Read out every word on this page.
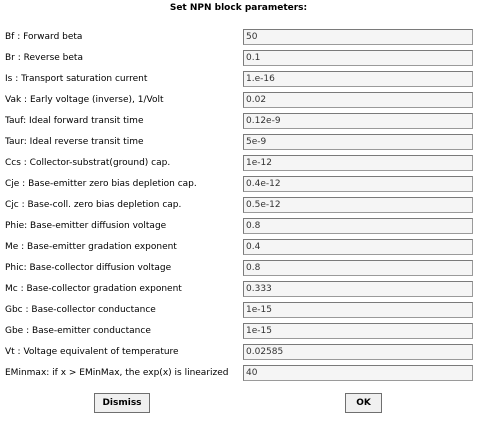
Set NPN block parameters:
Bf : Forward beta
50
Br : Reverse beta
0.1
Is : Transport saturation current
1.e-16
Vak : Early voltage (inverse), 1/Volt
0.02
Tauf: Ideal forward transit time
0.12e-9
Taur: Ideal reverse transit time
5e-9
Ccs : Collector-substrat(ground) cap.
1e-12
Cje : Base-emitter zero bias depletion cap.
0.4e-12
Cjc : Base-coll. zero bias depletion cap.
0.5e-12
Phie: Base-emitter diffusion voltage
0.8
Me : Base-emitter gradation exponent
0.4
Phic: Base-collector diffusion voltage
0.8
Mc : Base-collector gradation exponent
0.333
Gbc : Base-collector conductance
1e-15
Gbe : Base-emitter conductance
1e-15
Vt : Voltage equivalent of temperature
0.02585
EMinmax: if x > EMinMax, the exp(x) is linearized
40
Dismiss	OK
